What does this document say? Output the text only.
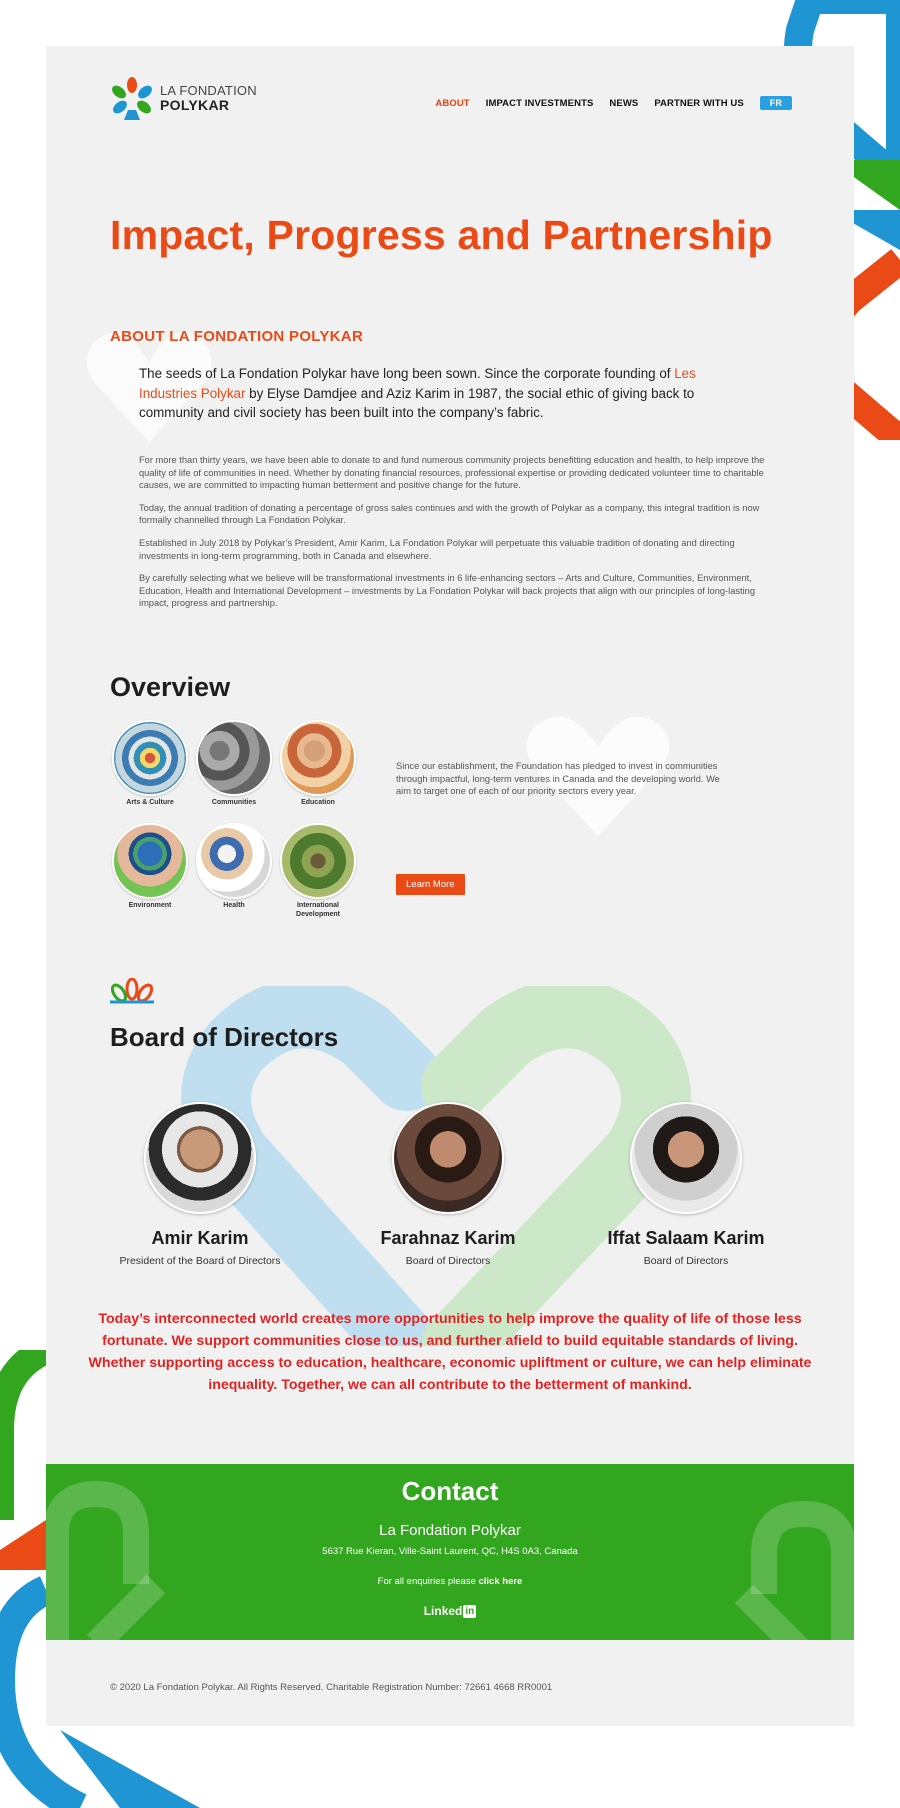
LA FONDATION
POLYKAR	ABOUT IMPACT INVESTMENTS NEWS PARTNER WITH US	FR
Impact, Progress and Partnership
ABOUT LA FONDATION POLYKAR

The seeds of La Fondation Polykar have long been sown. Since the corporate founding of Les Industries Polykar by Elyse Damdjee and Aziz Karim in 1987, the social ethic of giving back to community and civil society has been built into the company’s fabric.

For more than thirty years, we have been able to donate to and fund numerous community projects benefitting education and health, to help improve the quality of life of communities in need. Whether by donating financial resources, professional expertise or providing dedicated volunteer time to charitable causes, we are committed to impacting human betterment and positive change for the future.

Today, the annual tradition of donating a percentage of gross sales continues and with the growth of Polykar as a company, this integral tradition is now formally channelled through La Fondation Polykar.

Established in July 2018 by Polykar’s President, Amir Karim, La Fondation Polykar will perpetuate this valuable tradition of donating and directing investments in long-term programming, both in Canada and elsewhere.

By carefully selecting what we believe will be transformational investments in 6 life-enhancing sectors – Arts and Culture, Communities, Environment, Education, Health and International Development – investments by La Fondation Polykar will back projects that align with our principles of long-lasting impact, progress and partnership.

Overview
Arts & Culture	Communities	Education
Environment	Health	International Development

Since our establishment, the Foundation has pledged to invest in communities through impactful, long-term ventures in Canada and the developing world. We aim to target one of each of our priority sectors every year.

Learn More
Board of Directors
Amir Karim
President of the Board of Directors
Farahnaz Karim
Board of Directors
Iffat Salaam Karim
Board of Directors

Today’s interconnected world creates more opportunities to help improve the quality of life of those less fortunate. We support communities close to us, and further afield to build equitable standards of living. Whether supporting access to education, healthcare, economic upliftment or culture, we can help eliminate inequality. Together, we can all contribute to the betterment of mankind.

Contact
La Fondation Polykar
5637 Rue Kieran, Ville-Saint Laurent, QC, H4S 0A3, Canada
For all enquiries please click here
Linked in
© 2020 La Fondation Polykar. All Rights Reserved. Charitable Registration Number: 72661 4668 RR0001
